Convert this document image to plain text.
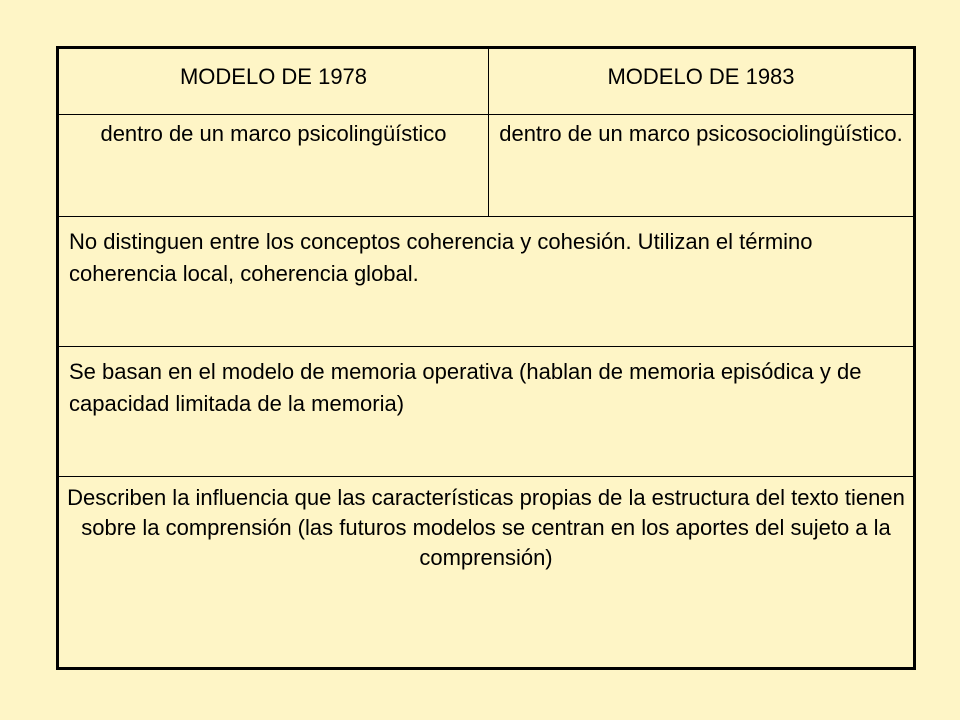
MODELO DE 1978	MODELO DE 1983
dentro de un marco psicolingüístico	dentro de un marco psicosociolingüístico.
No distinguen entre los conceptos coherencia y cohesión. Utilizan el término coherencia local, coherencia global.
Se basan en el modelo de memoria operativa (hablan de memoria episódica y de capacidad limitada de la memoria)
Describen la influencia que las características propias de la estructura del texto tienen sobre la comprensión (las futuros modelos se centran en los aportes del sujeto a la comprensión)
